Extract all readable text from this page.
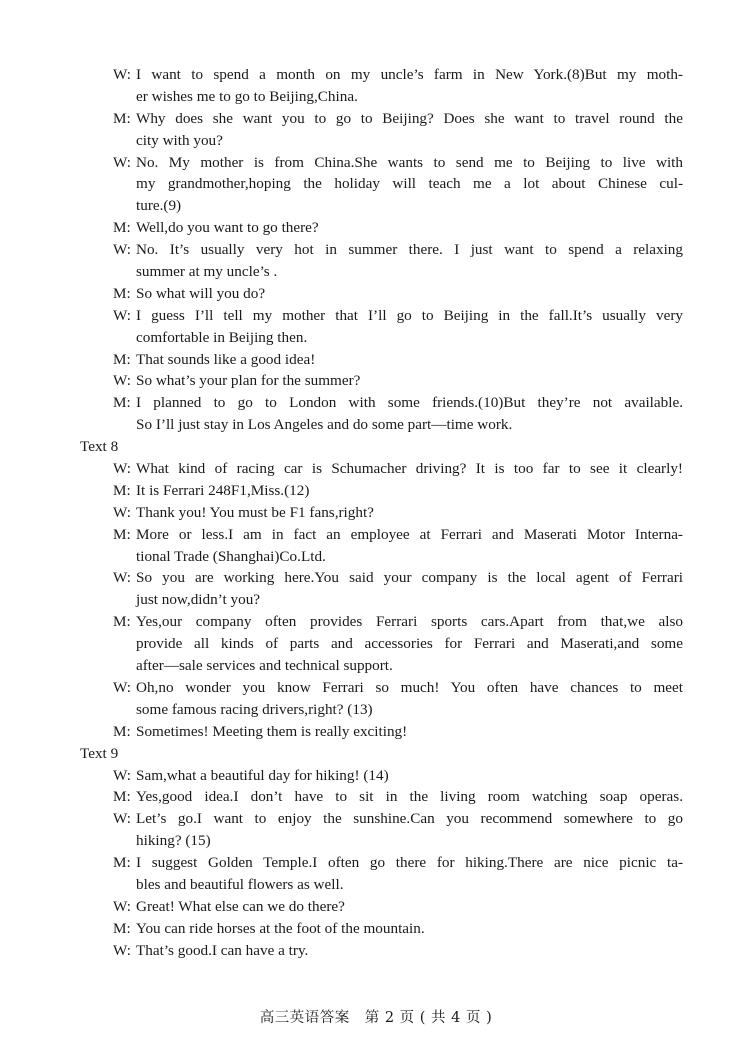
W: I want to spend a month on my uncle’s farm in New York.(8)But my moth-
er wishes me to go to Beijing,China.
M: Why does she want you to go to Beijing? Does she want to travel round the
city with you?
W: No. My mother is from China.She wants to send me to Beijing to live with
my grandmother,hoping the holiday will teach me a lot about Chinese cul-
ture.(9)
M: Well,do you want to go there?
W: No. It’s usually very hot in summer there. I just want to spend a relaxing
summer at my uncle’s .
M: So what will you do?
W: I guess I’ll tell my mother that I’ll go to Beijing in the fall.It’s usually very
comfortable in Beijing then.
M: That sounds like a good idea!
W: So what’s your plan for the summer?
M: I planned to go to London with some friends.(10)But they’re not available.
So I’ll just stay in Los Angeles and do some part—time work.
Text 8
W: What kind of racing car is Schumacher driving? It is too far to see it clearly!
M: It is Ferrari 248F1,Miss.(12)
W: Thank you! You must be F1 fans,right?
M: More or less.I am in fact an employee at Ferrari and Maserati Motor Interna-
tional Trade (Shanghai)Co.Ltd.
W: So you are working here.You said your company is the local agent of Ferrari
just now,didn’t you?
M: Yes,our company often provides Ferrari sports cars.Apart from that,we also
provide all kinds of parts and accessories for Ferrari and Maserati,and some
after—sale services and technical support.
W: Oh,no wonder you know Ferrari so much! You often have chances to meet
some famous racing drivers,right? (13)
M: Sometimes! Meeting them is really exciting!
Text 9
W: Sam,what a beautiful day for hiking! (14)
M: Yes,good idea.I don’t have to sit in the living room watching soap operas.
W: Let’s go.I want to enjoy the sunshine.Can you recommend somewhere to go
hiking? (15)
M: I suggest Golden Temple.I often go there for hiking.There are nice picnic ta-
bles and beautiful flowers as well.
W: Great! What else can we do there?
M: You can ride horses at the foot of the mountain.
W: That’s good.I can have a try.
高三英语答案　第 2 页 ( 共 4 页 )
